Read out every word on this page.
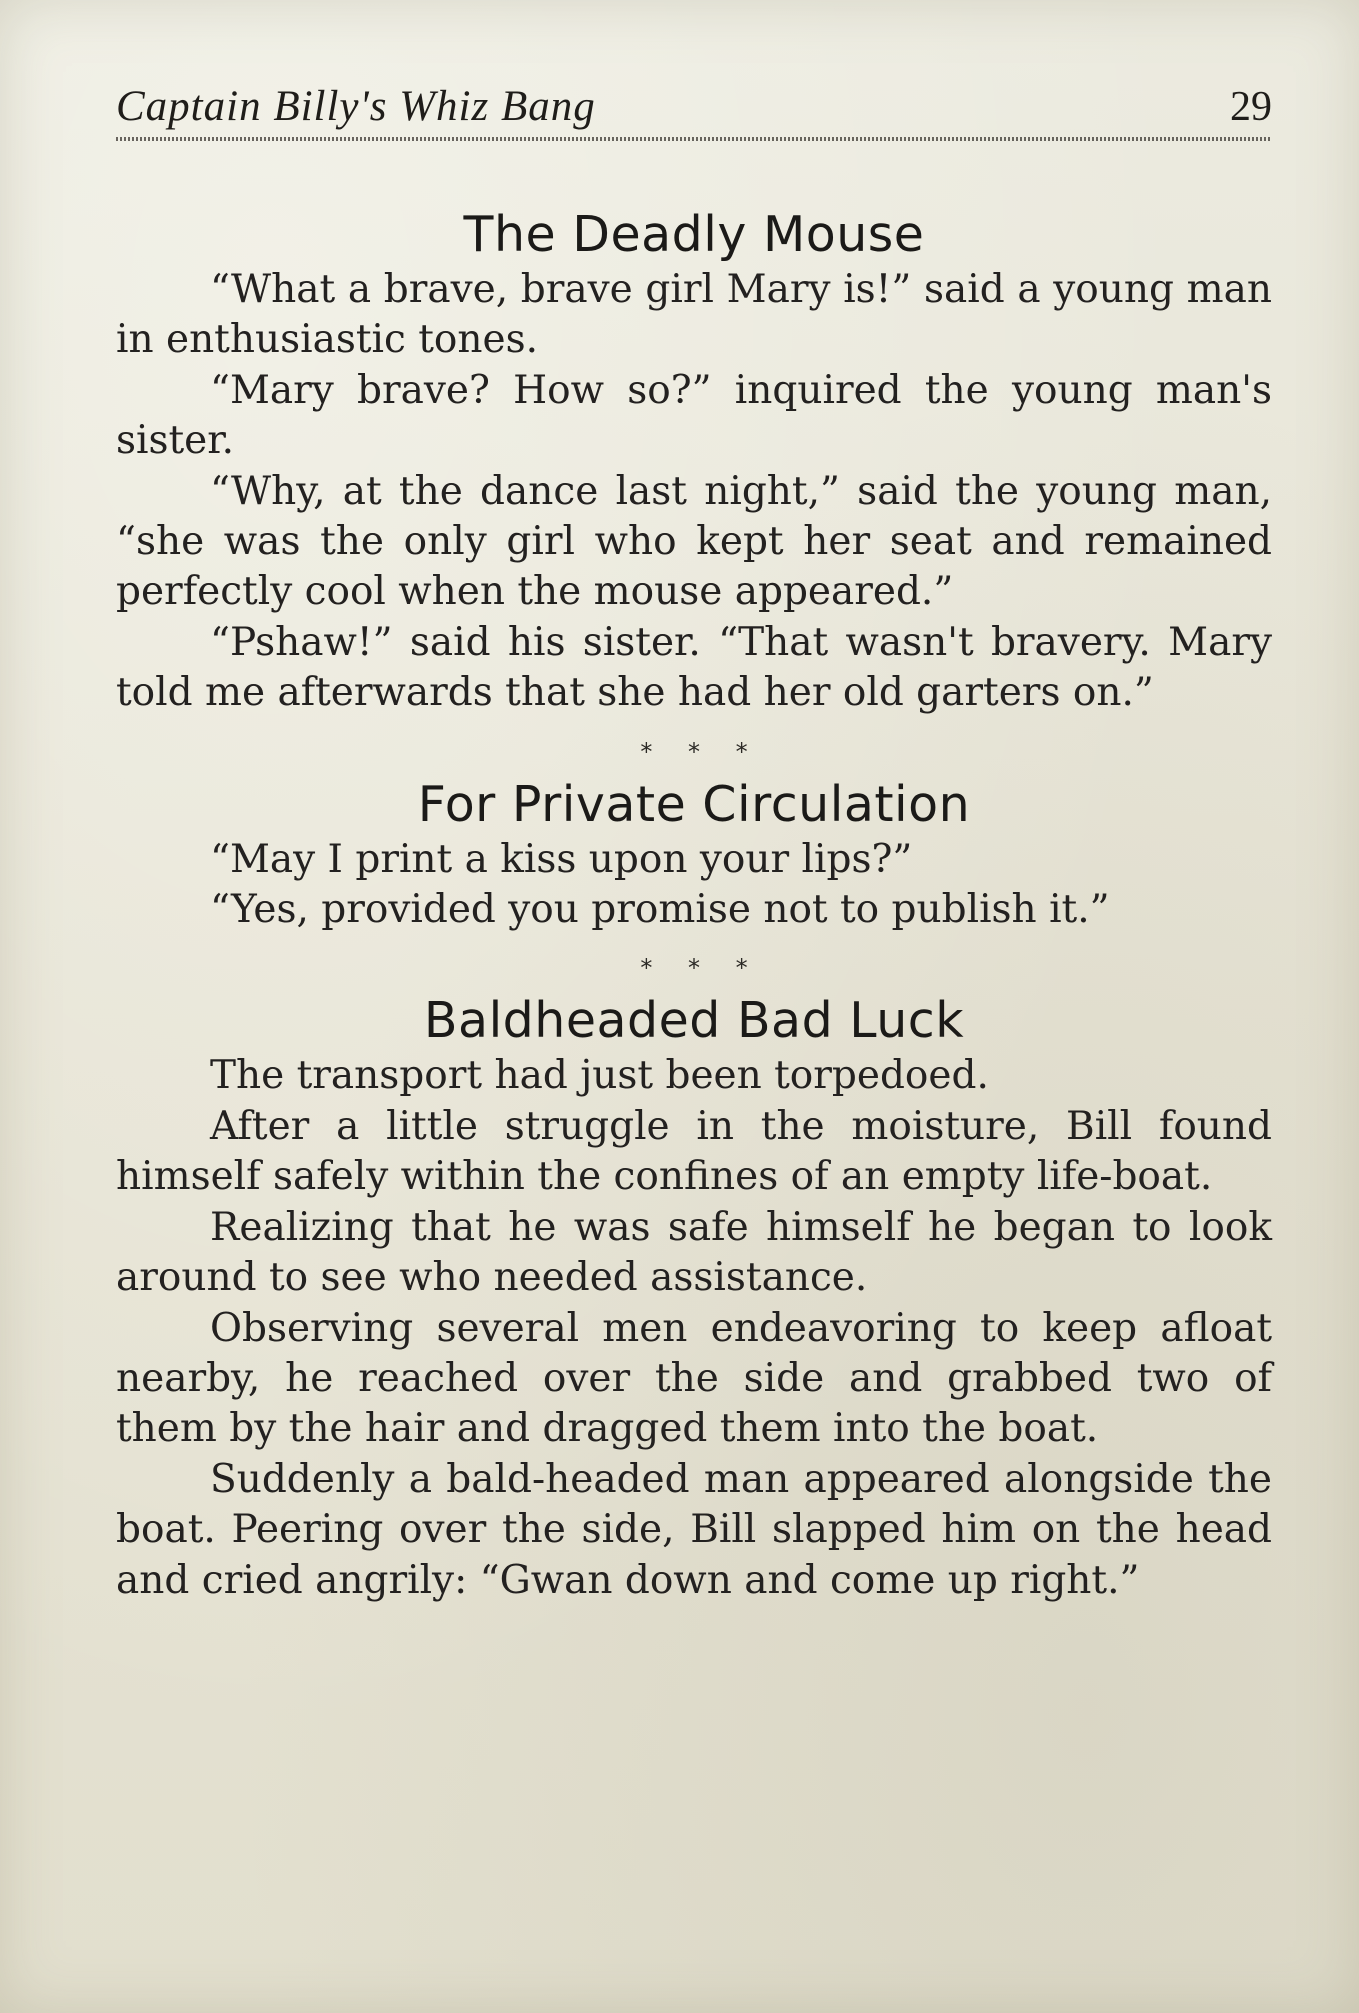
Captain Billy's Whiz Bang	29
The Deadly Mouse

“What a brave, brave girl Mary is!” said a young man in enthusiastic tones.

“Mary brave? How so?” inquired the young man's sister.

“Why, at the dance last night,” said the young man, “she was the only girl who kept her seat and remained perfectly cool when the mouse appeared.”

“Pshaw!” said his sister. “That wasn't bravery. Mary told me afterwards that she had her old garters on.”

* * *
For Private Circulation

“May I print a kiss upon your lips?”

“Yes, provided you promise not to publish it.”

* * *
Baldheaded Bad Luck

The transport had just been torpedoed.

After a little struggle in the moisture, Bill found himself safely within the confines of an empty life-boat.

Realizing that he was safe himself he began to look around to see who needed assistance.

Observing several men endeavoring to keep afloat nearby, he reached over the side and grabbed two of them by the hair and dragged them into the boat.

Suddenly a bald-headed man appeared alongside the boat. Peering over the side, Bill slapped him on the head and cried angrily: “Gwan down and come up right.”
